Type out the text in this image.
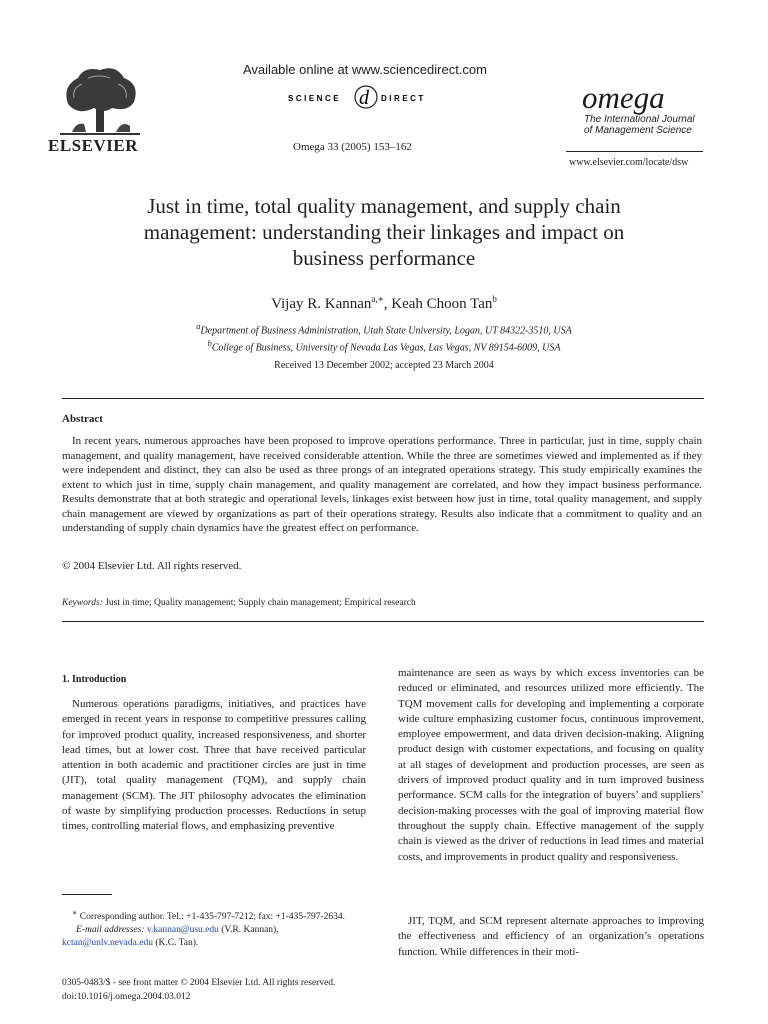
ELSEVIER
Available online at www.sciencedirect.com
SCIENCE d DIRECT
Omega 33 (2005) 153–162
omega
The International Journal
of Management Science
www.elsevier.com/locate/dsw
Just in time, total quality management, and supply chain
management: understanding their linkages and impact on
business performance
Vijay R. Kannan$^{a,∗}$, Keah Choon Tan$^b$
$^a$Department of Business Administration, Utah State University, Logan, UT 84322-3510, USA
$^b$College of Business, University of Nevada Las Vegas, Las Vegas, NV 89154-6009, USA
Received 13 December 2002; accepted 23 March 2004
Abstract

In recent years, numerous approaches have been proposed to improve operations performance. Three in particular, just in time, supply chain management, and quality management, have received considerable attention. While the three are sometimes viewed and implemented as if they were independent and distinct, they can also be used as three prongs of an integrated operations strategy. This study empirically examines the extent to which just in time, supply chain management, and quality management are correlated, and how they impact business performance. Results demonstrate that at both strategic and operational levels, linkages exist between how just in time, total quality management, and supply chain management are viewed by organizations as part of their operations strategy. Results also indicate that a commitment to quality and an understanding of supply chain dynamics have the greatest effect on performance.

© 2004 Elsevier Ltd. All rights reserved.
Keywords: Just in time; Quality management; Supply chain management; Empirical research
1. Introduction

Numerous operations paradigms, initiatives, and practices have emerged in recent years in response to competitive pressures calling for improved product quality, increased responsiveness, and shorter lead times, but at lower cost. Three that have received particular attention in both academic and practitioner circles are just in time (JIT), total quality management (TQM), and supply chain management (SCM). The JIT philosophy advocates the elimination of waste by simplifying production processes. Reductions in setup times, controlling material flows, and emphasizing preventive

maintenance are seen as ways by which excess inventories can be reduced or eliminated, and resources utilized more efficiently. The TQM movement calls for developing and implementing a corporate wide culture emphasizing customer focus, continuous improvement, employee empowerment, and data driven decision-making. Aligning product design with customer expectations, and focusing on quality at all stages of development and production processes, are seen as drivers of improved product quality and in turn improved business performance. SCM calls for the integration of buyers’ and suppliers’ decision-making processes with the goal of improving material flow throughout the supply chain. Effective management of the supply chain is viewed as the driver of reductions in lead times and material costs, and improvements in product quality and responsiveness.

JIT, TQM, and SCM represent alternate approaches to improving the effectiveness and efficiency of an organization’s operations function. While differences in their moti-

∗ Corresponding author. Tel.: +1-435-797-7212; fax: +1-435-797-2634.
E-mail addresses: v.kannan@usu.edu (V.R. Kannan),
kctan@unlv.nevada.edu (K.C. Tan).
0305-0483/$ - see front matter © 2004 Elsevier Ltd. All rights reserved.
doi:10.1016/j.omega.2004.03.012
